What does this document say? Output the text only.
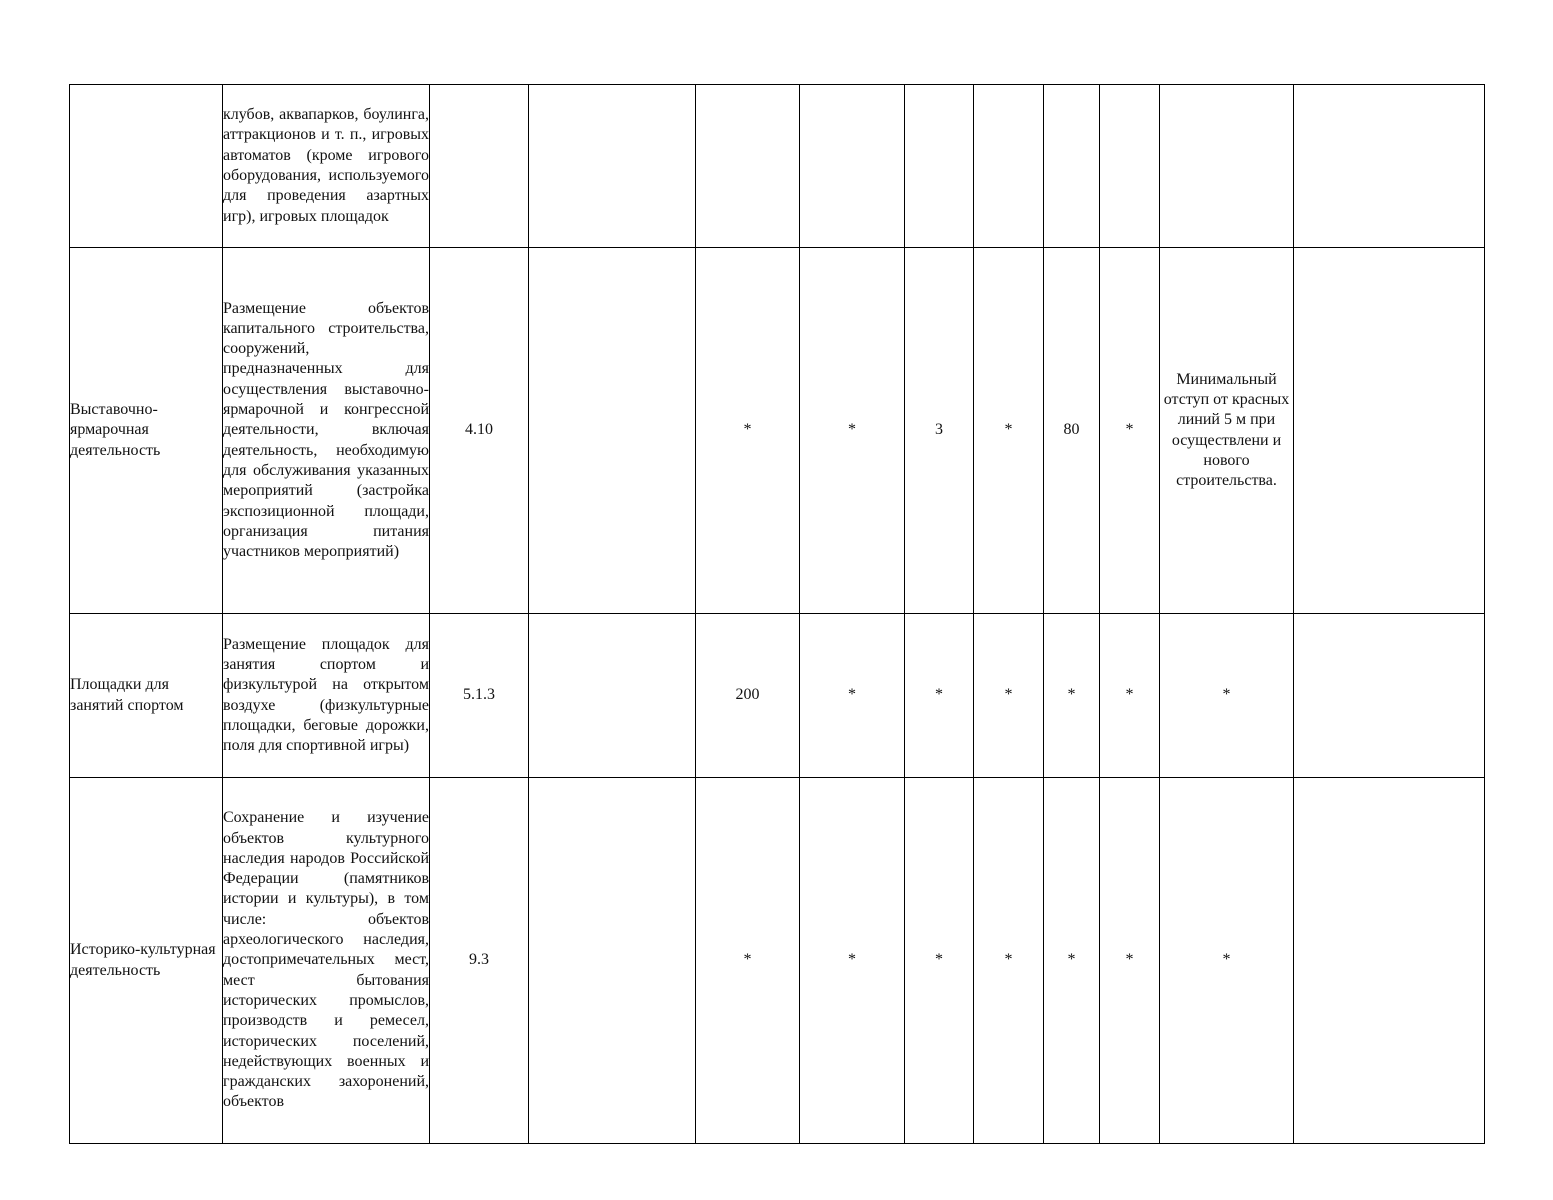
	клубов, аквапарков, боулинга, аттракционов и т. п., игровых автоматов (кроме игрового оборудования, используемого для проведения азартных игр), игровых площадок										
Выставочно-ярмарочная деятельность	Размещение объектов капитального строительства, сооружений, предназначенных для осуществления выставочно-ярмарочной и конгрессной деятельности, включая деятельность, необходимую для обслуживания указанных мероприятий (застройка экспозиционной площади, организация питания участников мероприятий)	4.10		*	*	3	*	80	*	Минимальный отступ от красных линий 5 м при осуществлени и нового строительства.	
Площадки для занятий спортом	Размещение площадок для занятия спортом и физкультурой на открытом воздухе (физкультурные площадки, беговые дорожки, поля для спортивной игры)	5.1.3		200	*	*	*	*	*	*	
Историко-культурная деятельность	Сохранение и изучение объектов культурного наследия народов Российской Федерации (памятников истории и культуры), в том числе: объектов археологического наследия, достопримечательных мест, мест бытования исторических промыслов, производств и ремесел, исторических поселений, недействующих военных и гражданских захоронений, объектов	9.3		*	*	*	*	*	*	*	
